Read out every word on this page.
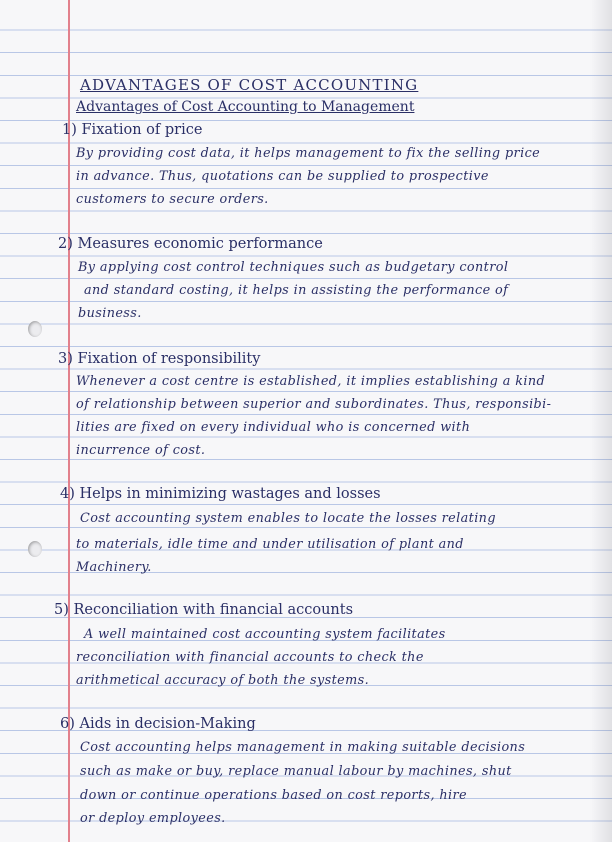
ADVANTAGES OF COST ACCOUNTING
Advantages of Cost Accounting to Management
1) Fixation of price
By providing cost data, it helps management to fix the selling price
in advance. Thus, quotations can be supplied to prospective
customers to secure orders.
2) Measures economic performance
By applying cost control techniques such as budgetary control
and standard costing, it helps in assisting the performance of
business.
3) Fixation of responsibility
Whenever a cost centre is established, it implies establishing a kind
of relationship between superior and subordinates. Thus, responsibi-
lities are fixed on every individual who is concerned with
incurrence of cost.
4) Helps in minimizing wastages and losses
Cost accounting system enables to locate the losses relating
to materials, idle time and under utilisation of plant and
Machinery.
5) Reconciliation with financial accounts
A well maintained cost accounting system facilitates
reconciliation with financial accounts to check the
arithmetical accuracy of both the systems.
6) Aids in decision-Making
Cost accounting helps management in making suitable decisions
such as make or buy, replace manual labour by machines, shut
down or continue operations based on cost reports, hire
or deploy employees.
